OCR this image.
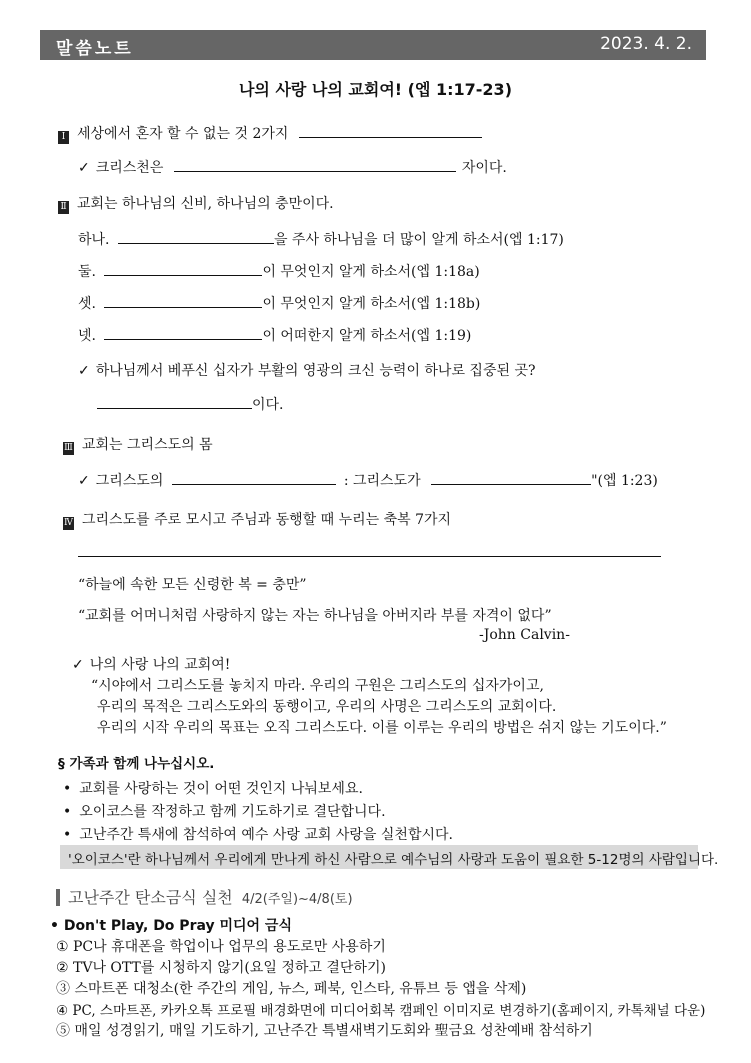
말씀노트	2023. 4. 2.
나의 사랑 나의 교회여! (엡 1:17-23)
Ⅰ 세상에서 혼자 할 수 없는 것 2가지
✓ 크리스천은	자이다.
Ⅱ 교회는 하나님의 신비, 하나님의 충만이다.
하나.	을 주사 하나님을 더 많이 알게 하소서(엡 1:17)
둘.	이 무엇인지 알게 하소서(엡 1:18a)
셋.	이 무엇인지 알게 하소서(엡 1:18b)
넷.	이 어떠한지 알게 하소서(엡 1:19)
✓ 하나님께서 베푸신 십자가 부활의 영광의 크신 능력이 하나로 집중된 곳?
이다.
Ⅲ 교회는 그리스도의 몸
✓ 그리스도의	: 그리스도가	"(엡 1:23)
Ⅳ 그리스도를 주로 모시고 주님과 동행할 때 누리는 축복 7가지
“하늘에 속한 모든 신령한 복 = 충만”
“교회를 어머니처럼 사랑하지 않는 자는 하나님을 아버지라 부를 자격이 없다”
-John Calvin-
✓ 나의 사랑 나의 교회여!
“시야에서 그리스도를 놓치지 마라. 우리의 구원은 그리스도의 십자가이고,
우리의 목적은 그리스도와의 동행이고, 우리의 사명은 그리스도의 교회이다.
우리의 시작 우리의 목표는 오직 그리스도다. 이를 이루는 우리의 방법은 쉬지 않는 기도이다.”
§ 가족과 함께 나누십시오.
• 교회를 사랑하는 것이 어떤 것인지 나눠보세요.
• 오이코스를 작정하고 함께 기도하기로 결단합니다.
• 고난주간 특새에 참석하여 예수 사랑 교회 사랑을 실천합시다.
'오이코스'란 하나님께서 우리에게 만나게 하신 사람으로 예수님의 사랑과 도움이 필요한 5-12명의 사람입니다.
고난주간 탄소금식 실천 4/2(주일)~4/8(토)
• Don't Play, Do Pray 미디어 금식
① PC나 휴대폰을 학업이나 업무의 용도로만 사용하기
② TV나 OTT를 시청하지 않기(요일 정하고 결단하기)
③ 스마트폰 대청소(한 주간의 게임, 뉴스, 페북, 인스타, 유튜브 등 앱을 삭제)
④ PC, 스마트폰, 카카오톡 프로필 배경화면에 미디어회복 캠페인 이미지로 변경하기(홈페이지, 카톡채널 다운)
⑤ 매일 성경읽기, 매일 기도하기, 고난주간 특별새벽기도회와 聖금요 성찬예배 참석하기
